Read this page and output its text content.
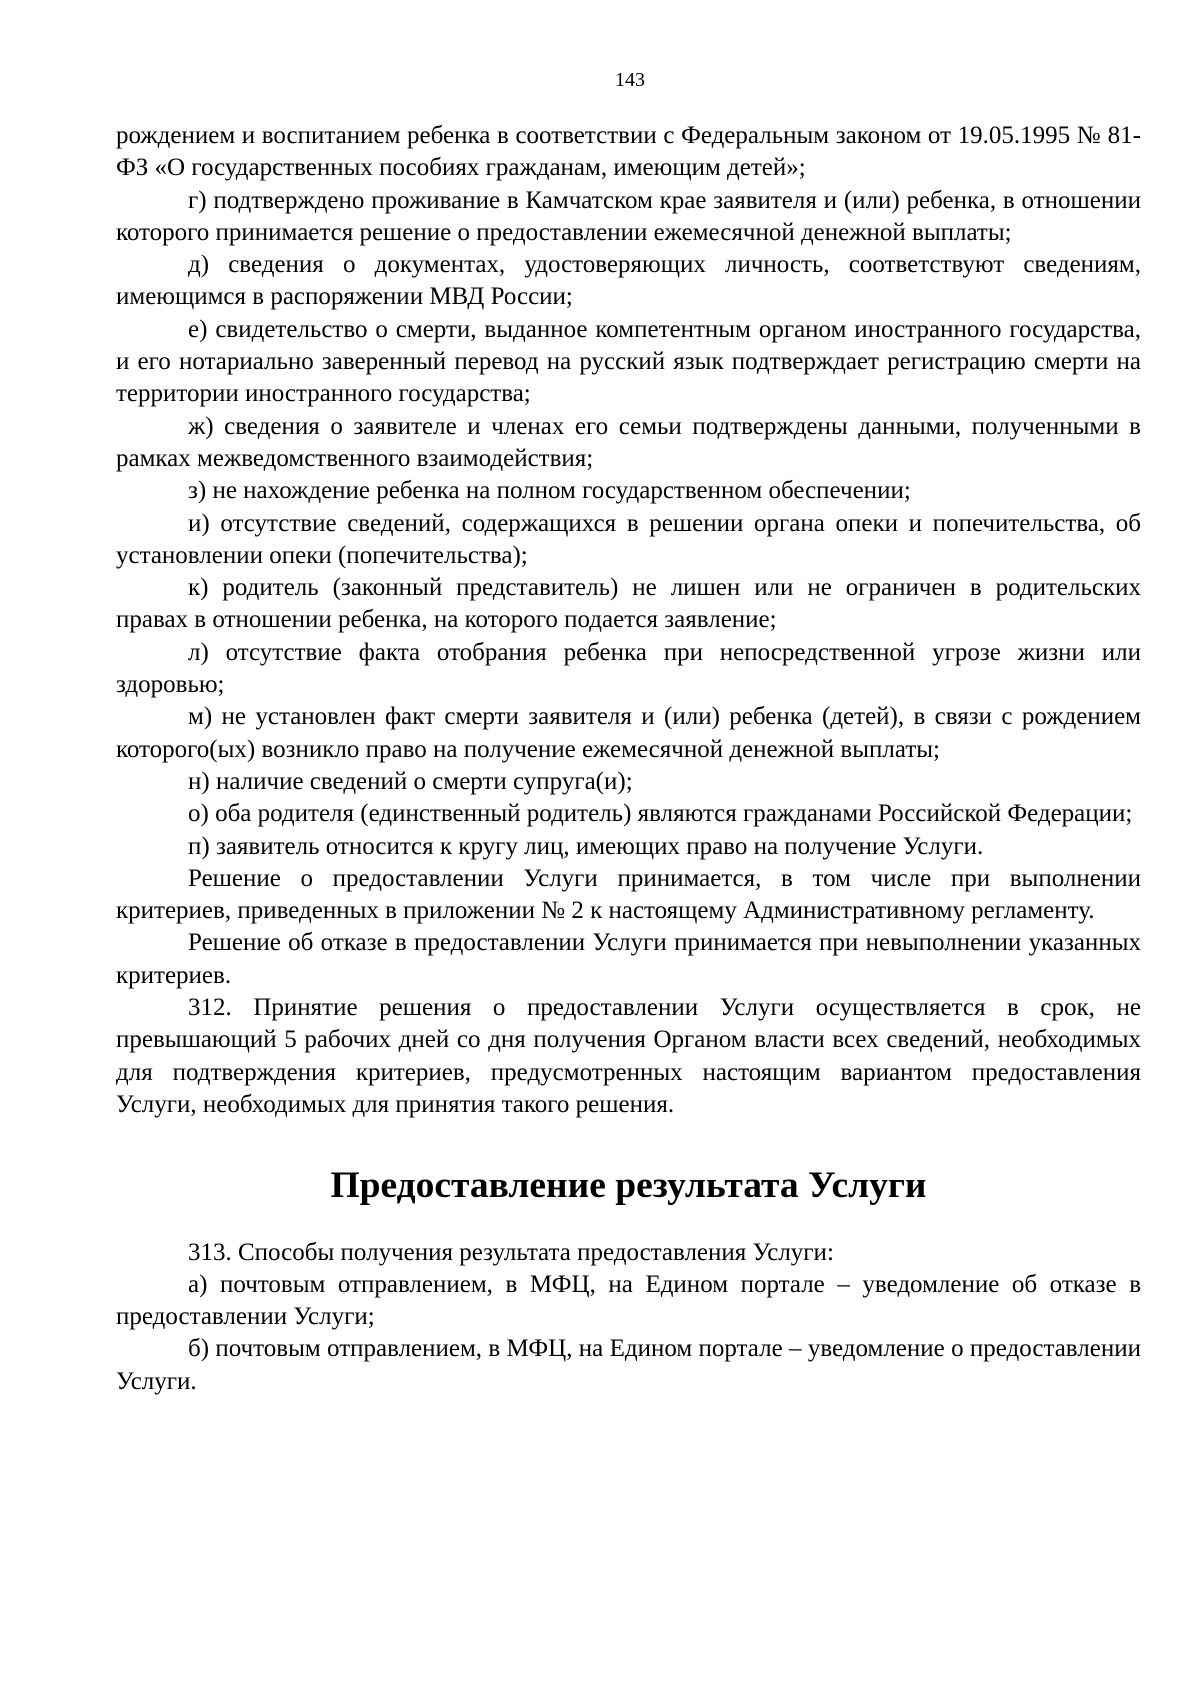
143

рождением и воспитанием ребенка в соответствии с Федеральным законом от 19.05.1995 № 81-ФЗ «О государственных пособиях гражданам, имеющим детей»;

г) подтверждено проживание в Камчатском крае заявителя и (или) ребенка, в отношении которого принимается решение о предоставлении ежемесячной денежной выплаты;

д) сведения о документах, удостоверяющих личность, соответствуют сведениям, имеющимся в распоряжении МВД России;

е) свидетельство о смерти, выданное компетентным органом иностранного государства, и его нотариально заверенный перевод на русский язык подтверждает регистрацию смерти на территории иностранного государства;

ж) сведения о заявителе и членах его семьи подтверждены данными, полученными в рамках межведомственного взаимодействия;

з) не нахождение ребенка на полном государственном обеспечении;

и) отсутствие сведений, содержащихся в решении органа опеки и попечительства, об установлении опеки (попечительства);

к) родитель (законный представитель) не лишен или не ограничен в родительских правах в отношении ребенка, на которого подается заявление;

л) отсутствие факта отобрания ребенка при непосредственной угрозе жизни или здоровью;

м) не установлен факт смерти заявителя и (или) ребенка (детей), в связи с рождением которого(ых) возникло право на получение ежемесячной денежной выплаты;

н) наличие сведений о смерти супруга(и);

о) оба родителя (единственный родитель) являются гражданами Российской Федерации;

п) заявитель относится к кругу лиц, имеющих право на получение Услуги.

Решение о предоставлении Услуги принимается, в том числе при выполнении критериев, приведенных в приложении № 2 к настоящему Административному регламенту.

Решение об отказе в предоставлении Услуги принимается при невыполнении указанных критериев.

312. Принятие решения о предоставлении Услуги осуществляется в срок, не превышающий 5 рабочих дней со дня получения Органом власти всех сведений, необходимых для подтверждения критериев, предусмотренных настоящим вариантом предоставления Услуги, необходимых для принятия такого решения.

Предоставление результата Услуги

313. Способы получения результата предоставления Услуги:

а) почтовым отправлением, в МФЦ, на Едином портале – уведомление об отказе в предоставлении Услуги;

б) почтовым отправлением, в МФЦ, на Едином портале – уведомление о предоставлении Услуги.
